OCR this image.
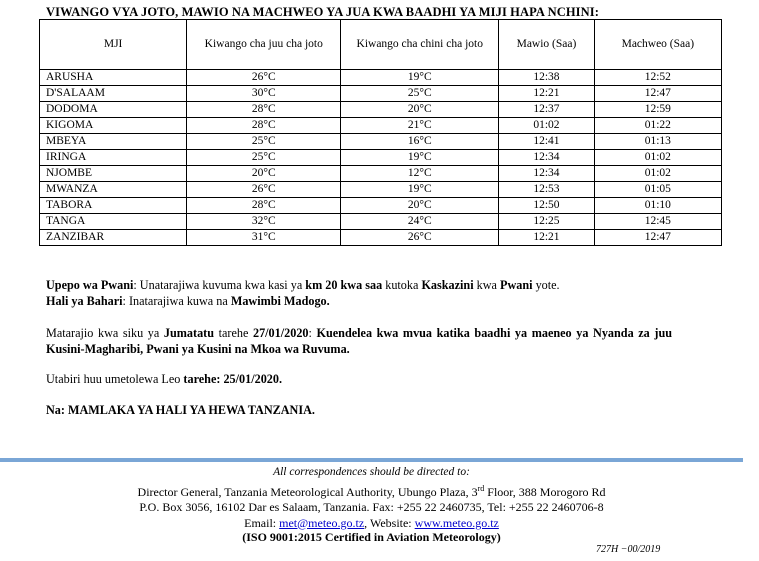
VIWANGO VYA JOTO, MAWIO NA MACHWEO YA JUA KWA BAADHI YA MIJI HAPA NCHINI:
MJI	Kiwango cha juu cha joto	Kiwango cha chini cha joto	Mawio (Saa)	Machweo (Saa)
ARUSHA	26°C	19°C	12:38	12:52
D'SALAAM	30°C	25°C	12:21	12:47
DODOMA	28°C	20°C	12:37	12:59
KIGOMA	28°C	21°C	01:02	01:22
MBEYA	25°C	16°C	12:41	01:13
IRINGA	25°C	19°C	12:34	01:02
NJOMBE	20°C	12°C	12:34	01:02
MWANZA	26°C	19°C	12:53	01:05
TABORA	28°C	20°C	12:50	01:10
TANGA	32°C	24°C	12:25	12:45
ZANZIBAR	31°C	26°C	12:21	12:47
Upepo wa Pwani: Unatarajiwa kuvuma kwa kasi ya km 20 kwa saa kutoka Kaskazini kwa Pwani yote.
Hali ya Bahari: Inatarajiwa kuwa na Mawimbi Madogo.
Matarajio kwa siku ya Jumatatu tarehe 27/01/2020: Kuendelea kwa mvua katika baadhi ya maeneo ya Nyanda za juu Kusini-Magharibi, Pwani ya Kusini na Mkoa wa Ruvuma.
Utabiri huu umetolewa Leo tarehe: 25/01/2020.
Na: MAMLAKA YA HALI YA HEWA TANZANIA.
All correspondences should be directed to:
Director General, Tanzania Meteorological Authority, Ubungo Plaza, 3rd Floor, 388 Morogoro Rd
P.O. Box 3056, 16102 Dar es Salaam, Tanzania. Fax: +255 22 2460735, Tel: +255 22 2460706-8
Email: met@meteo.go.tz, Website: www.meteo.go.tz
(ISO 9001:2015 Certified in Aviation Meteorology)
727H −00/2019
